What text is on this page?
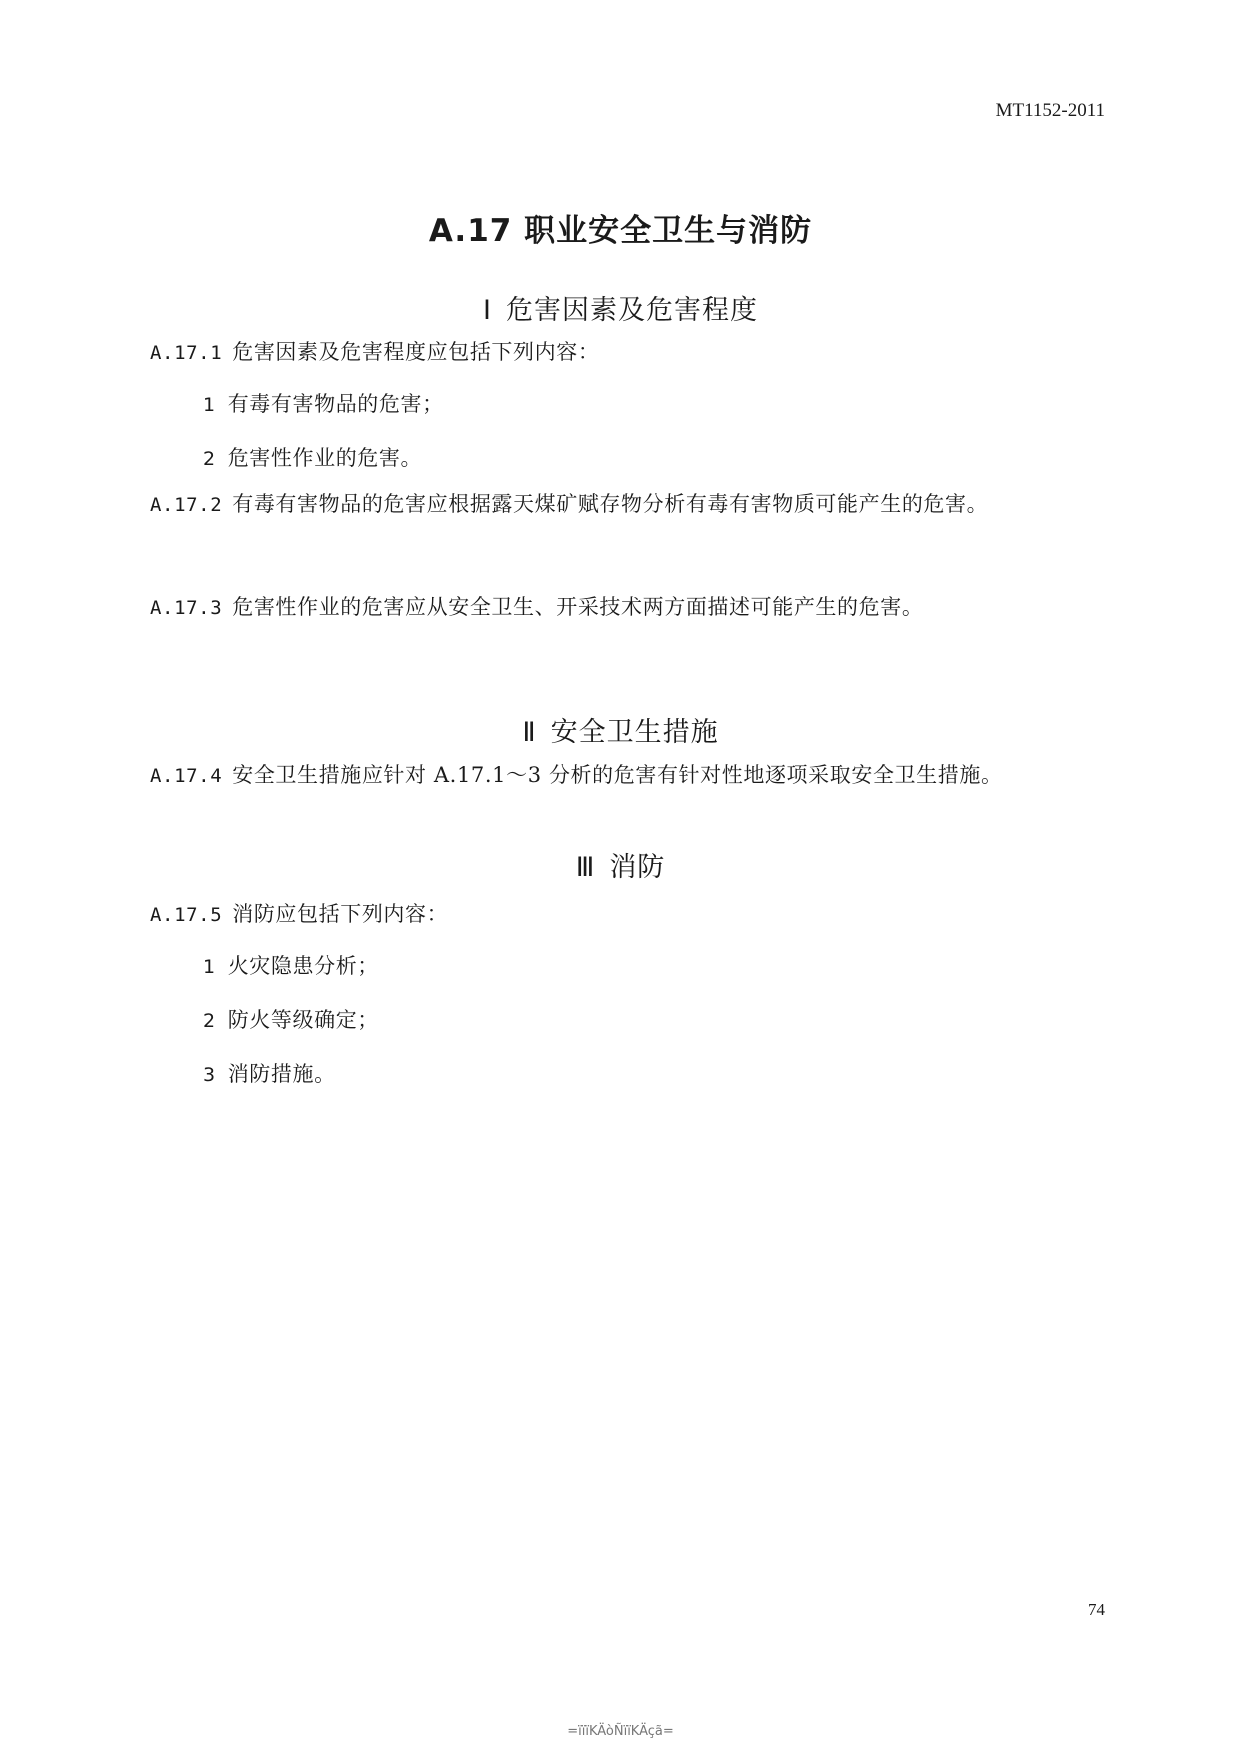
MT1152-2011
A.17 职业安全卫生与消防
Ⅰ 危害因素及危害程度
A.17.1 危害因素及危害程度应包括下列内容：
1 有毒有害物品的危害；
2 危害性作业的危害。
A.17.2 有毒有害物品的危害应根据露天煤矿赋存物分析有毒有害物质可能产生的危害。
A.17.3 危害性作业的危害应从安全卫生、开采技术两方面描述可能产生的危害。
Ⅱ 安全卫生措施
A.17.4 安全卫生措施应针对 A.17.1～3 分析的危害有针对性地逐项采取安全卫生措施。
Ⅲ 消防
A.17.5 消防应包括下列内容：
1 火灾隐患分析；
2 防火等级确定；
3 消防措施。
74
=ïïïKÄòÑïïKÄçã=
